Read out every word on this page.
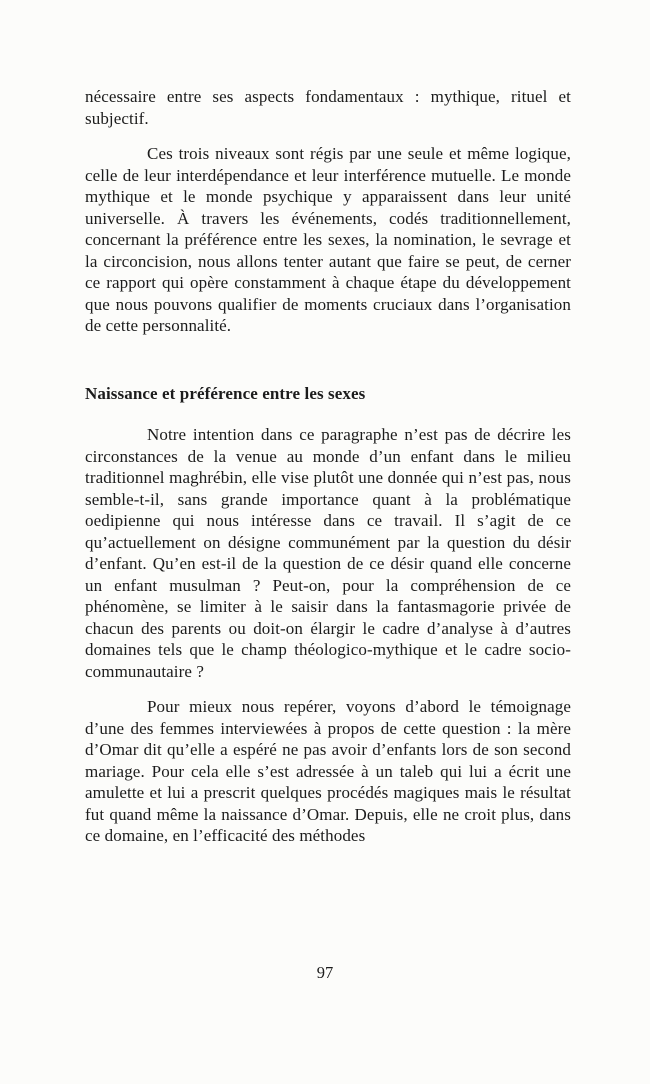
nécessaire entre ses aspects fondamentaux : mythique, rituel et subjectif.

Ces trois niveaux sont régis par une seule et même logique, celle de leur interdépendance et leur interférence mutuelle. Le monde mythique et le monde psychique y apparaissent dans leur unité universelle. À travers les événements, codés traditionnellement, concernant la préférence entre les sexes, la nomination, le sevrage et la circoncision, nous allons tenter autant que faire se peut, de cerner ce rapport qui opère constamment à chaque étape du développement que nous pouvons qualifier de moments cruciaux dans l’organisation de cette personnalité.

Naissance et préférence entre les sexes

Notre intention dans ce paragraphe n’est pas de décrire les circonstances de la venue au monde d’un enfant dans le milieu traditionnel maghrébin, elle vise plutôt une donnée qui n’est pas, nous semble-t-il, sans grande importance quant à la problématique oedipienne qui nous intéresse dans ce travail. Il s’agit de ce qu’actuellement on désigne communément par la question du désir d’enfant. Qu’en est-il de la question de ce désir quand elle concerne un enfant musulman ? Peut-on, pour la compréhension de ce phénomène, se limiter à le saisir dans la fantasmagorie privée de chacun des parents ou doit-on élargir le cadre d’analyse à d’autres domaines tels que le champ théologico-mythique et le cadre socio-communautaire ?

Pour mieux nous repérer, voyons d’abord le témoignage d’une des femmes interviewées à propos de cette question : la mère d’Omar dit qu’elle a espéré ne pas avoir d’enfants lors de son second mariage. Pour cela elle s’est adressée à un taleb qui lui a écrit une amulette et lui a prescrit quelques procédés magiques mais le résultat fut quand même la naissance d’Omar. Depuis, elle ne croit plus, dans ce domaine, en l’efficacité des méthodes

97
